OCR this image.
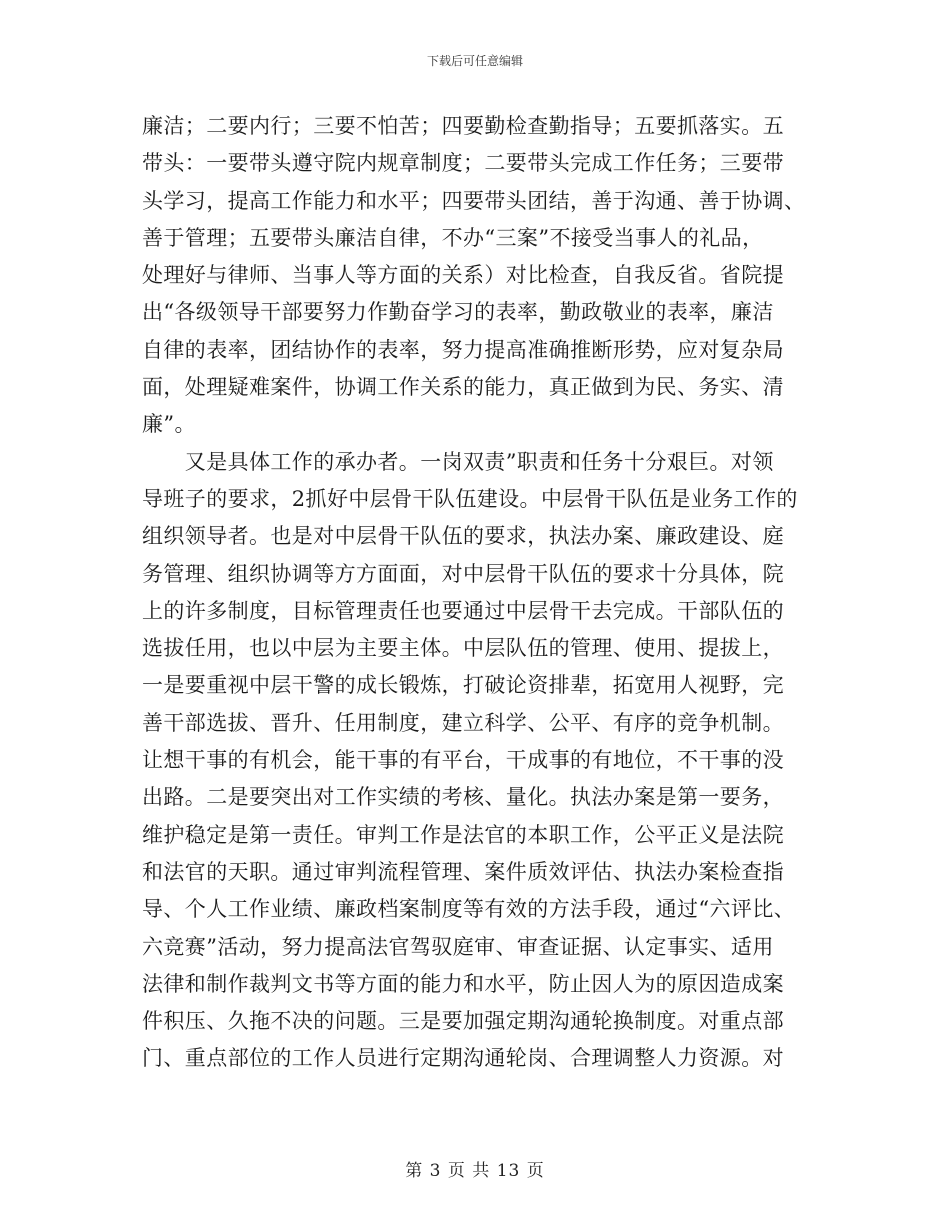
下载后可任意编辑
廉洁；二要内行；三要不怕苦；四要勤检查勤指导；五要抓落实。五
带头：一要带头遵守院内规章制度；二要带头完成工作任务；三要带
头学习，提高工作能力和水平；四要带头团结，善于沟通、善于协调、
善于管理；五要带头廉洁自律，不办“三案”不接受当事人的礼品，
处理好与律师、当事人等方面的关系）对比检查，自我反省。省院提
出“各级领导干部要努力作勤奋学习的表率，勤政敬业的表率，廉洁
自律的表率，团结协作的表率，努力提高准确推断形势，应对复杂局
面，处理疑难案件，协调工作关系的能力，真正做到为民、务实、清
廉”。
　　又是具体工作的承办者。一岗双责”职责和任务十分艰巨。对领
导班子的要求，2抓好中层骨干队伍建设。中层骨干队伍是业务工作的
组织领导者。也是对中层骨干队伍的要求，执法办案、廉政建设、庭
务管理、组织协调等方方面面，对中层骨干队伍的要求十分具体，院
上的许多制度，目标管理责任也要通过中层骨干去完成。干部队伍的
选拔任用，也以中层为主要主体。中层队伍的管理、使用、提拔上，
一是要重视中层干警的成长锻炼，打破论资排辈，拓宽用人视野，完
善干部选拔、晋升、任用制度，建立科学、公平、有序的竞争机制。
让想干事的有机会，能干事的有平台，干成事的有地位，不干事的没
出路。二是要突出对工作实绩的考核、量化。执法办案是第一要务，
维护稳定是第一责任。审判工作是法官的本职工作，公平正义是法院
和法官的天职。通过审判流程管理、案件质效评估、执法办案检查指
导、个人工作业绩、廉政档案制度等有效的方法手段，通过“六评比、
六竞赛”活动，努力提高法官驾驭庭审、审查证据、认定事实、适用
法律和制作裁判文书等方面的能力和水平，防止因人为的原因造成案
件积压、久拖不决的问题。三是要加强定期沟通轮换制度。对重点部
门、重点部位的工作人员进行定期沟通轮岗、合理调整人力资源。对
第 3 页 共 13 页
